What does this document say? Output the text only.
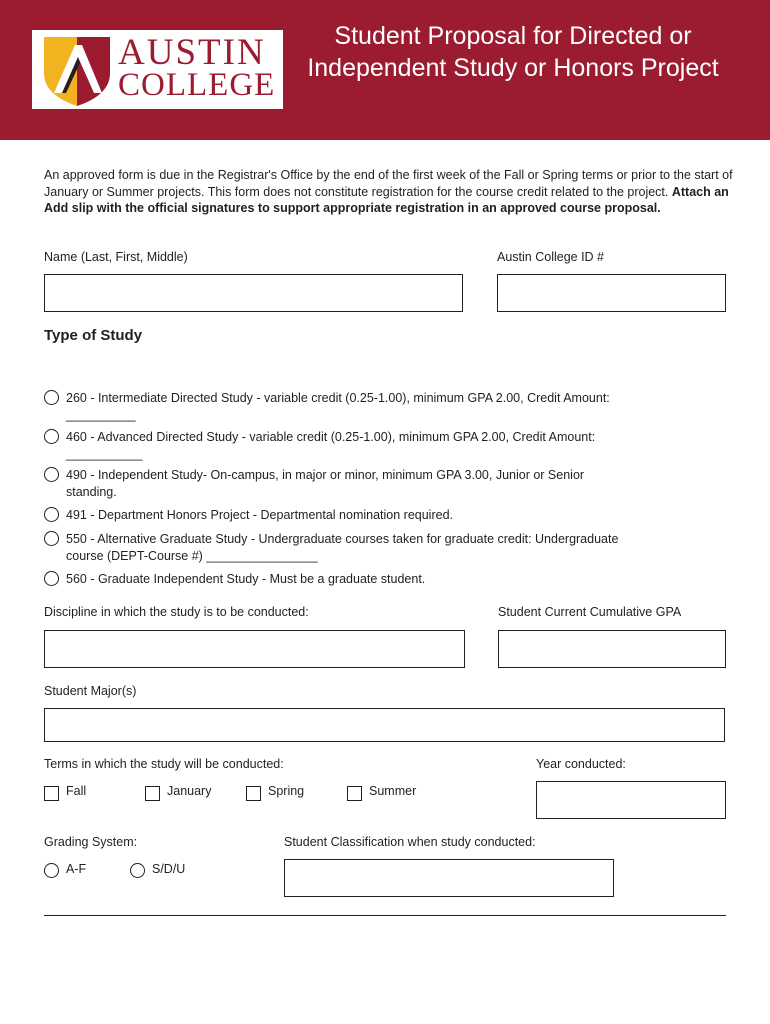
AUSTIN
COLLEGE
Student Proposal for Directed or Independent Study or Honors Project
An approved form is due in the Registrar's Office by the end of the first week of the Fall or Spring terms or prior to the start of January or Summer projects. This form does not constitute registration for the course credit related to the project. Attach an Add slip with the official signatures to support appropriate registration in an approved course proposal.
Name (Last, First, Middle)	Austin College ID #
Type of Study
260 - Intermediate Directed Study - variable credit (0.25-1.00), minimum GPA 2.00, Credit Amount:
__________
460 - Advanced Directed Study - variable credit (0.25-1.00), minimum GPA 2.00, Credit Amount:
___________
490 - Independent Study- On-campus, in major or minor, minimum GPA 3.00, Junior or Senior
standing.
491 - Department Honors Project - Departmental nomination required.
550 - Alternative Graduate Study - Undergraduate courses taken for graduate credit: Undergraduate
course (DEPT-Course #) ________________
560 - Graduate Independent Study - Must be a graduate student.
Discipline in which the study is to be conducted:	Student Current Cumulative GPA
Student Major(s)
Terms in which the study will be conducted:	Year conducted:
Fall	January	Spring	Summer
Grading System:	Student Classification when study conducted:
A-F	S/D/U
